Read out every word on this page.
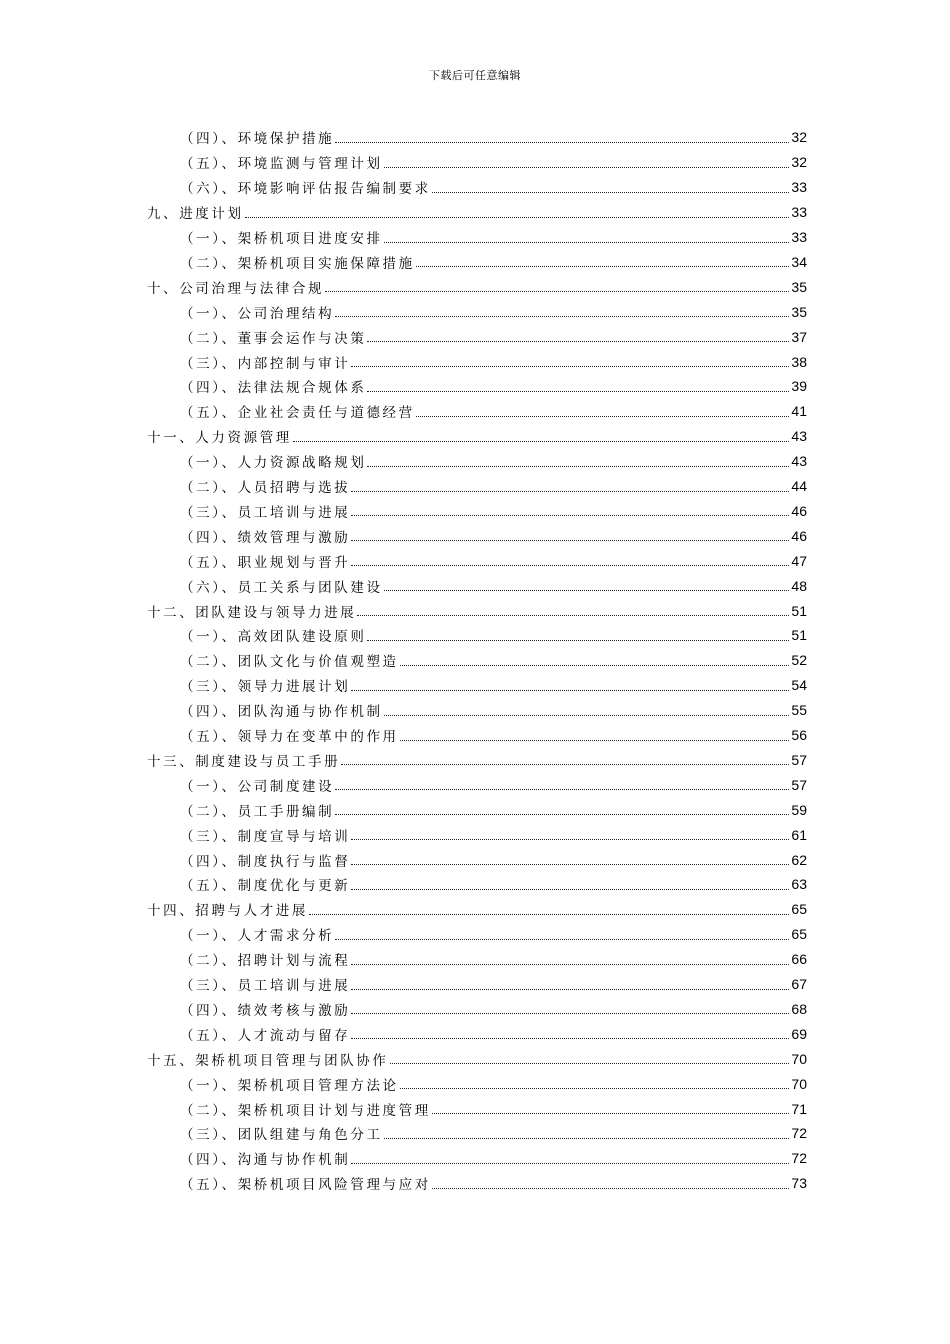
下载后可任意编辑
（四）、环境保护措施	32
（五）、环境监测与管理计划	32
（六）、环境影响评估报告编制要求	33
九、进度计划	33
（一）、架桥机项目进度安排	33
（二）、架桥机项目实施保障措施	34
十、公司治理与法律合规	35
（一）、公司治理结构	35
（二）、董事会运作与决策	37
（三）、内部控制与审计	38
（四）、法律法规合规体系	39
（五）、企业社会责任与道德经营	41
十一、人力资源管理	43
（一）、人力资源战略规划	43
（二）、人员招聘与选拔	44
（三）、员工培训与进展	46
（四）、绩效管理与激励	46
（五）、职业规划与晋升	47
（六）、员工关系与团队建设	48
十二、团队建设与领导力进展	51
（一）、高效团队建设原则	51
（二）、团队文化与价值观塑造	52
（三）、领导力进展计划	54
（四）、团队沟通与协作机制	55
（五）、领导力在变革中的作用	56
十三、制度建设与员工手册	57
（一）、公司制度建设	57
（二）、员工手册编制	59
（三）、制度宣导与培训	61
（四）、制度执行与监督	62
（五）、制度优化与更新	63
十四、招聘与人才进展	65
（一）、人才需求分析	65
（二）、招聘计划与流程	66
（三）、员工培训与进展	67
（四）、绩效考核与激励	68
（五）、人才流动与留存	69
十五、架桥机项目管理与团队协作	70
（一）、架桥机项目管理方法论	70
（二）、架桥机项目计划与进度管理	71
（三）、团队组建与角色分工	72
（四）、沟通与协作机制	72
（五）、架桥机项目风险管理与应对	73
